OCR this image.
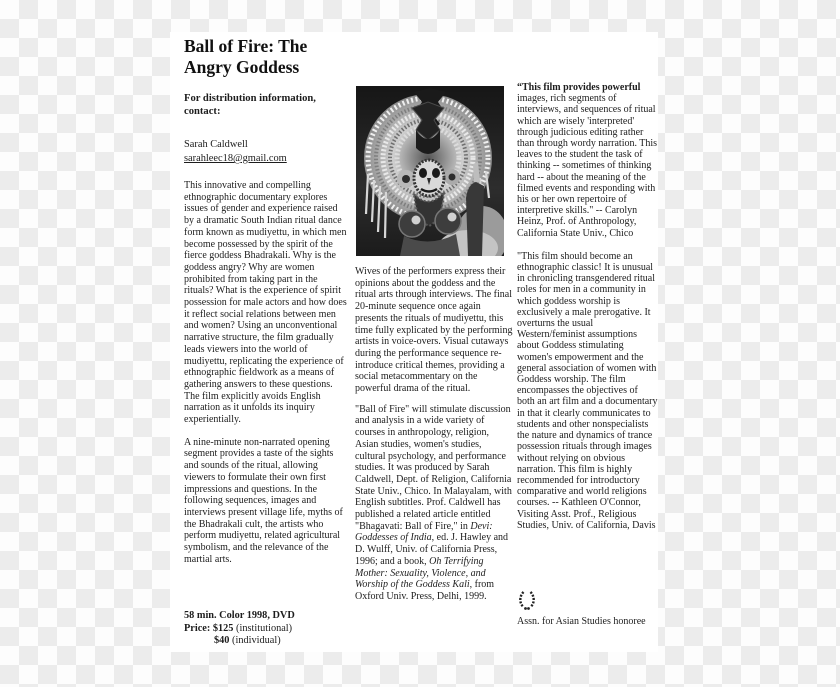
Ball of Fire: The Angry Goddess

For distribution information, contact:

Sarah Caldwell
sarahleec18@gmail.com

This innovative and compelling ethnographic documentary explores issues of gender and experience raised by a dramatic South Indian ritual dance form known as mudiyettu, in which men become possessed by the spirit of the fierce goddess Bhadrakali. Why is the goddess angry? Why are women prohibited from taking part in the rituals? What is the experience of spirit possession for male actors and how does it reflect social relations between men and women? Using an unconventional narrative structure, the film gradually leads viewers into the world of mudiyettu, replicating the experience of ethnographic fieldwork as a means of gathering answers to these questions. The film explicitly avoids English narration as it unfolds its inquiry experientially.

A nine-minute non-narrated opening segment provides a taste of the sights and sounds of the ritual, allowing viewers to formulate their own first impressions and questions. In the following sequences, images and interviews present village life, myths of the Bhadrakali cult, the artists who perform mudiyettu, related agricultural symbolism, and the relevance of the martial arts.

58 min. Color 1998, DVD

Price: $125 (institutional)

$40 (individual)

Wives of the performers express their opinions about the goddess and the ritual arts through interviews. The final 20-minute sequence once again presents the rituals of mudiyettu, this time fully explicated by the performing artists in voice-overs. Visual cutaways during the performance sequence re-introduce critical themes, providing a social metacommentary on the powerful drama of the ritual.

"Ball of Fire" will stimulate discussion and analysis in a wide variety of courses in anthropology, religion, Asian studies, women's studies, cultural psychology, and performance studies. It was produced by Sarah Caldwell, Dept. of Religion, California State Univ., Chico. In Malayalam, with English subtitles. Prof. Caldwell has published a related article entitled "Bhagavati: Ball of Fire," in Devi: Goddesses of India, ed. J. Hawley and D. Wulff, Univ. of California Press, 1996; and a book, Oh Terrifying Mother: Sexuality, Violence, and Worship of the Goddess Kali, from Oxford Univ. Press, Delhi, 1999.

“This film provides powerful images, rich segments of interviews, and sequences of ritual which are wisely 'interpreted' through judicious editing rather than through wordy narration. This leaves to the student the task of thinking -- sometimes of thinking hard -- about the meaning of the filmed events and responding with his or her own repertoire of interpretive skills." -- Carolyn Heinz, Prof. of Anthropology, California State Univ., Chico

"This film should become an ethnographic classic! It is unusual in chronicling transgendered ritual roles for men in a community in which goddess worship is exclusively a male prerogative. It overturns the usual Western/feminist assumptions about Goddess stimulating women's empowerment and the general association of women with Goddess worship. The film encompasses the objectives of both an art film and a documentary in that it clearly communicates to students and other nonspecialists the nature and dynamics of trance possession rituals through images without relying on obvious narration. This film is highly recommended for introductory comparative and world religions courses. -- Kathleen O'Connor, Visiting Asst. Prof., Religious Studies, Univ. of California, Davis

Assn. for Asian Studies honoree
